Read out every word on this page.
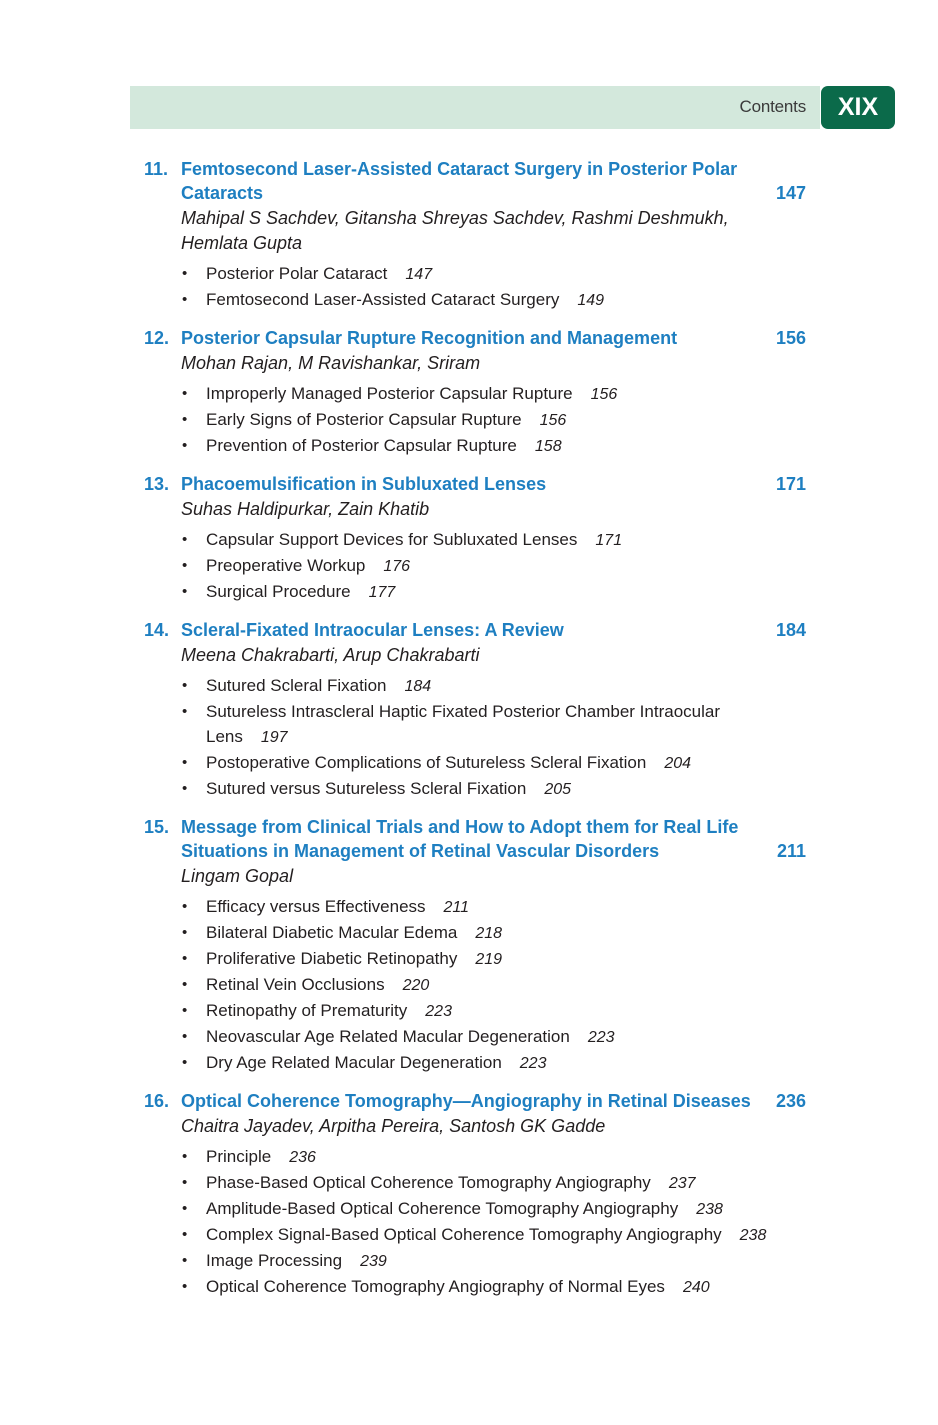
Contents	XIX
11. Femtosecond Laser-Assisted Cataract Surgery in Posterior Polar Cataracts	147
Mahipal S Sachdev, Gitansha Shreyas Sachdev, Rashmi Deshmukh, Hemlata Gupta
• Posterior Polar Cataract 147
• Femtosecond Laser-Assisted Cataract Surgery 149
12. Posterior Capsular Rupture Recognition and Management	156
Mohan Rajan, M Ravishankar, Sriram
• Improperly Managed Posterior Capsular Rupture 156
• Early Signs of Posterior Capsular Rupture 156
• Prevention of Posterior Capsular Rupture 158
13. Phacoemulsification in Subluxated Lenses	171
Suhas Haldipurkar, Zain Khatib
• Capsular Support Devices for Subluxated Lenses 171
• Preoperative Workup 176
• Surgical Procedure 177
14. Scleral-Fixated Intraocular Lenses: A Review	184
Meena Chakrabarti, Arup Chakrabarti
• Sutured Scleral Fixation 184
• Sutureless Intrascleral Haptic Fixated Posterior Chamber Intraocular Lens 197
• Postoperative Complications of Sutureless Scleral Fixation 204
• Sutured versus Sutureless Scleral Fixation 205
15. Message from Clinical Trials and How to Adopt them for Real Life Situations in Management of Retinal Vascular Disorders	211
Lingam Gopal
• Efficacy versus Effectiveness 211
• Bilateral Diabetic Macular Edema 218
• Proliferative Diabetic Retinopathy 219
• Retinal Vein Occlusions 220
• Retinopathy of Prematurity 223
• Neovascular Age Related Macular Degeneration 223
• Dry Age Related Macular Degeneration 223
16. Optical Coherence Tomography—Angiography in Retinal Diseases	236
Chaitra Jayadev, Arpitha Pereira, Santosh GK Gadde
• Principle 236
• Phase-Based Optical Coherence Tomography Angiography 237
• Amplitude-Based Optical Coherence Tomography Angiography 238
• Complex Signal-Based Optical Coherence Tomography Angiography 238
• Image Processing 239
• Optical Coherence Tomography Angiography of Normal Eyes 240
